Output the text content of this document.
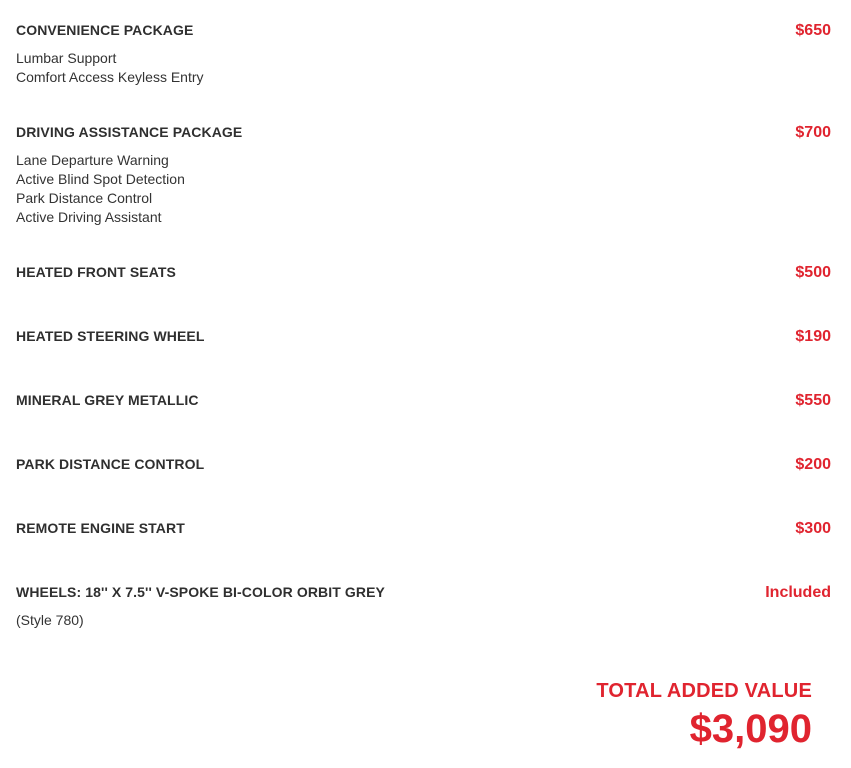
CONVENIENCE PACKAGE	$650
Lumbar Support
Comfort Access Keyless Entry
DRIVING ASSISTANCE PACKAGE	$700
Lane Departure Warning
Active Blind Spot Detection
Park Distance Control
Active Driving Assistant
HEATED FRONT SEATS	$500
HEATED STEERING WHEEL	$190
MINERAL GREY METALLIC	$550
PARK DISTANCE CONTROL	$200
REMOTE ENGINE START	$300
WHEELS: 18'' X 7.5'' V-SPOKE BI-COLOR ORBIT GREY	Included
(Style 780)
TOTAL ADDED VALUE
$3,090
